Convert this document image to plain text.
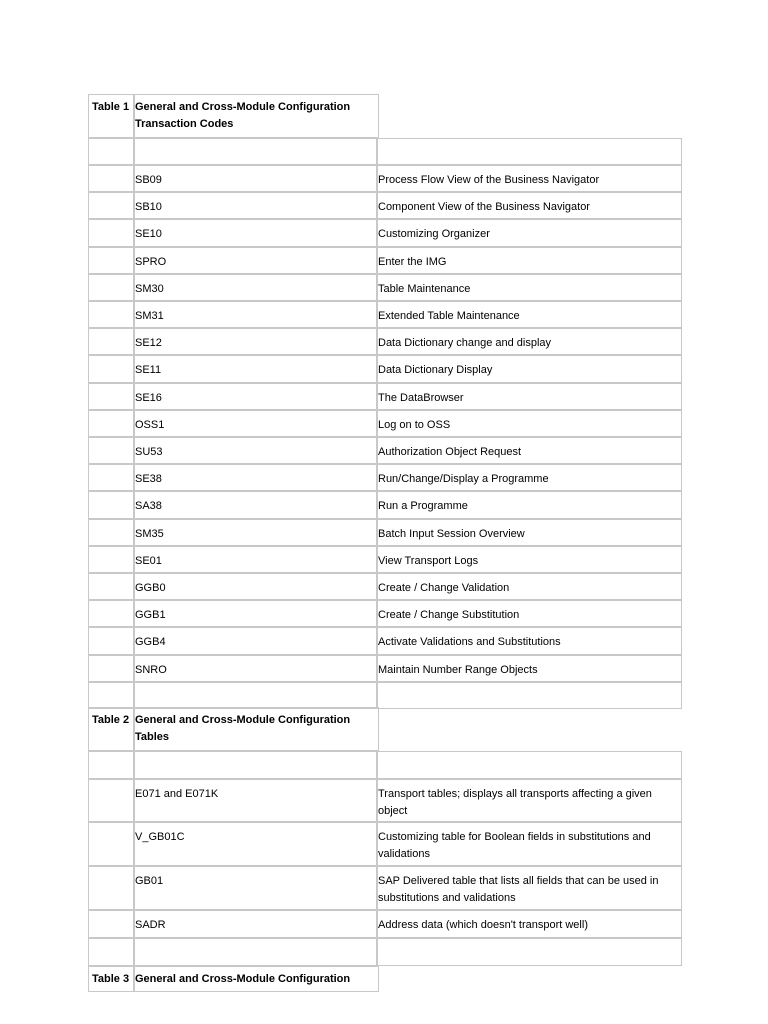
Table 1 General and Cross-Module Configuration Transaction Codes
SB09	Process Flow View of the Business Navigator
SB10	Component View of the Business Navigator
SE10	Customizing Organizer
SPRO	Enter the IMG
SM30	Table Maintenance
SM31	Extended Table Maintenance
SE12	Data Dictionary change and display
SE11	Data Dictionary Display
SE16	The DataBrowser
OSS1	Log on to OSS
SU53	Authorization Object Request
SE38	Run/Change/Display a Programme
SA38	Run a Programme
SM35	Batch Input Session Overview
SE01	View Transport Logs
GGB0	Create / Change Validation
GGB1	Create / Change Substitution
GGB4	Activate Validations and Substitutions
SNRO	Maintain Number Range Objects
Table 2 General and Cross-Module Configuration Tables
E071 and E071K	Transport tables; displays all transports affecting a given object
V_GB01C	Customizing table for Boolean fields in substitutions and validations
GB01	SAP Delivered table that lists all fields that can be used in substitutions and validations
SADR	Address data (which doesn't transport well)
Table 3 General and Cross-Module Configuration
